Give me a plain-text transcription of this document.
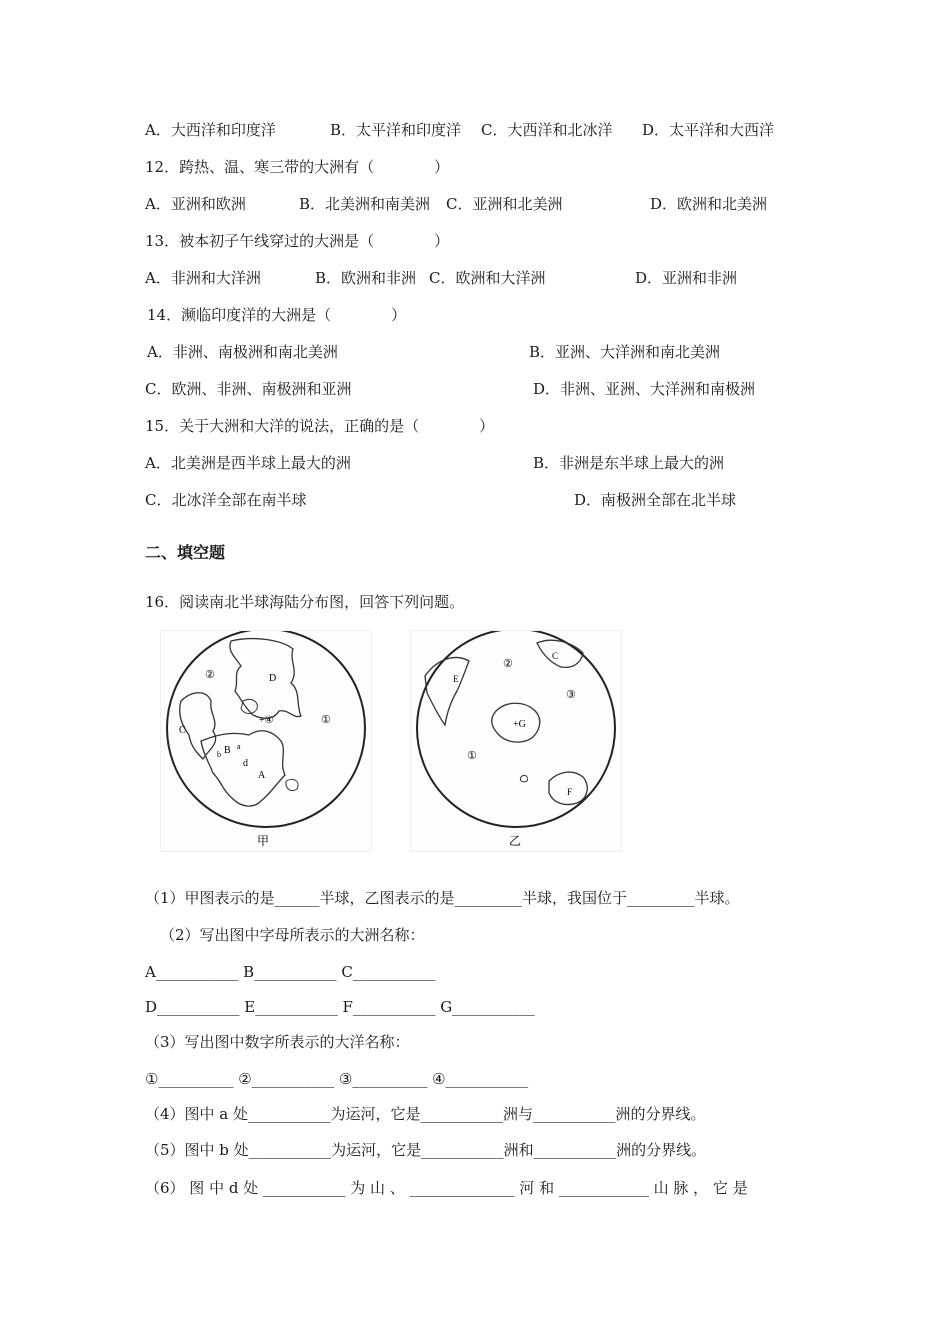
A．大西洋和印度洋	B．太平洋和印度洋 C．大西洋和北冰洋 D．太平洋和大西洋
12．跨热、温、寒三带的大洲有（　　　　）
A．亚洲和欧洲	B．北美洲和南美洲 C．亚洲和北美洲	D．欧洲和北美洲
13．被本初子午线穿过的大洲是（　　　　）
A．非洲和大洋洲	B．欧洲和非洲 C．欧洲和大洋洲	D．亚洲和非洲
14．濒临印度洋的大洲是（　　　　）
A．非洲、南极洲和南北美洲	B．亚洲、大洋洲和南北美洲
C．欧洲、非洲、南极洲和亚洲	D．非洲、亚洲、大洋洲和南极洲
15．关于大洲和大洋的说法，正确的是（　　　　）
A．北美洲是西半球上最大的洲	B．非洲是东半球上最大的洲
C．北冰洋全部在南半球	D．南极洲全部在北半球
二、填空题
16．阅读南北半球海陆分布图，回答下列问题。
②
①
+④
D
C
B
A
d
b
a
甲
②
③
①
+G
C
E
F
乙
（1）甲图表示的是______半球，乙图表示的是_________半球，我国位于_________半球。
（2）写出图中字母所表示的大洲名称：
A___________ B___________ C___________
D___________ E___________ F___________ G___________
（3）写出图中数字所表示的大洋名称：
①__________ ②___________ ③__________ ④___________
（4）图中 a 处___________为运河，它是___________洲与___________洲的分界线。
（5）图中 b 处___________为运河，它是___________洲和___________洲的分界线。
（6） 图 中 d 处 ___________ 为 山 、 ______________ 河 和 ____________ 山 脉 ， 它 是
